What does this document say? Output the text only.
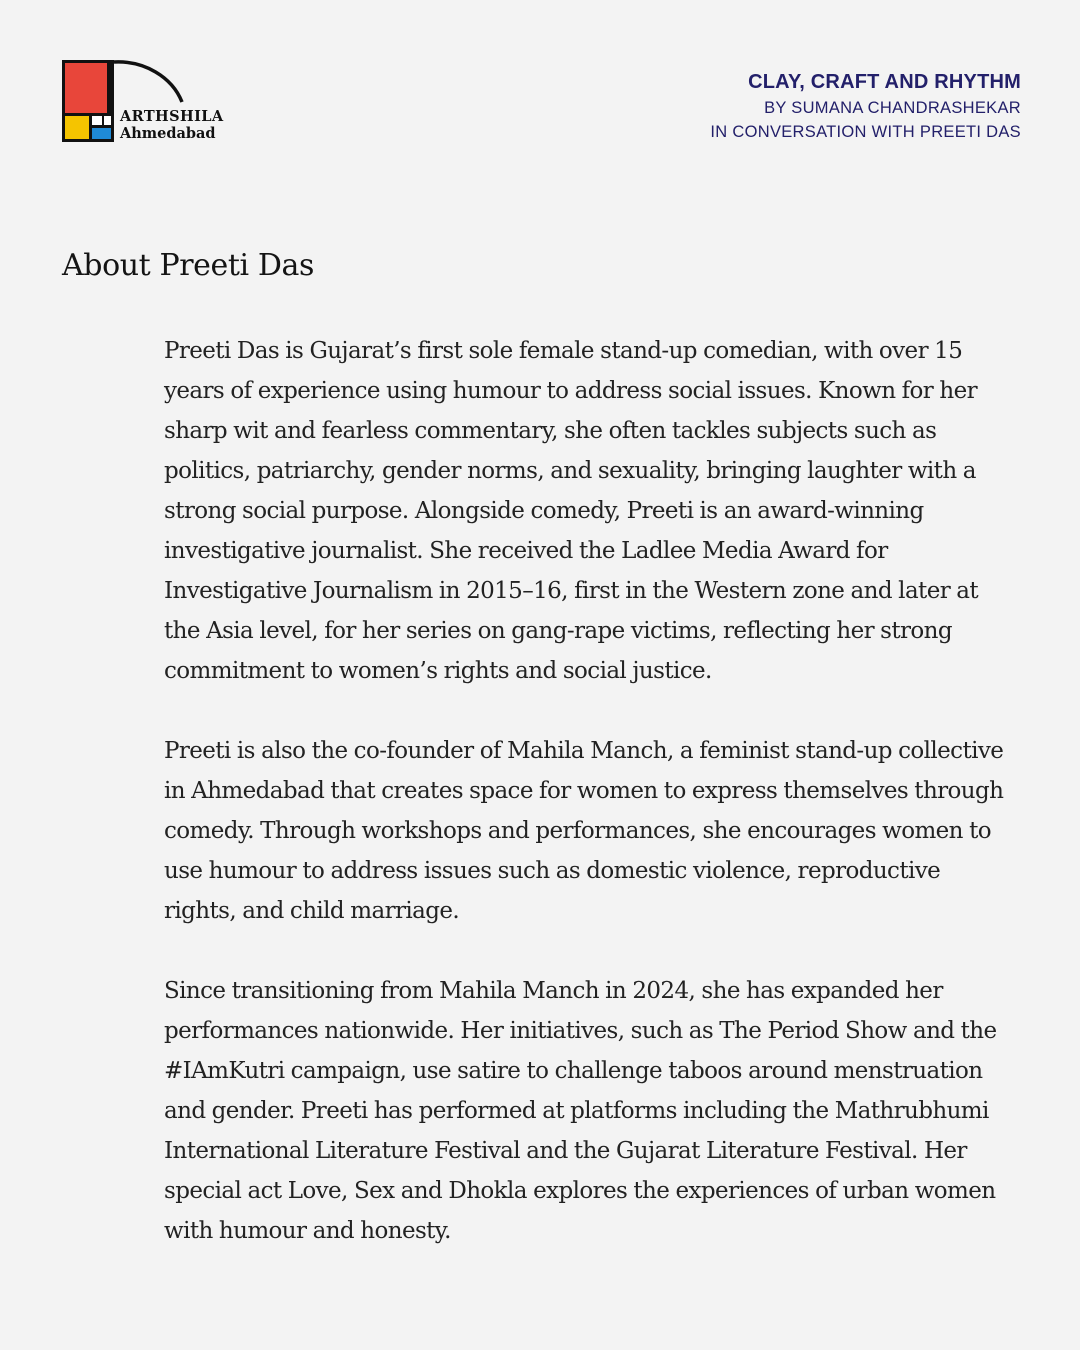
ARTHSHILA
Ahmedabad
CLAY, CRAFT AND RHYTHM
BY SUMANA CHANDRASHEKAR
IN CONVERSATION WITH PREETI DAS
About Preeti Das

Preeti Das is Gujarat’s first sole female stand-up comedian, with over 15 years of experience using humour to address social issues. Known for her sharp wit and fearless commentary, she often tackles subjects such as politics, patriarchy, gender norms, and sexuality, bringing laughter with a strong social purpose. Alongside comedy, Preeti is an award-winning investigative journalist. She received the Ladlee Media Award for Investigative Journalism in 2015–16, first in the Western zone and later at the Asia level, for her series on gang-rape victims, reflecting her strong commitment to women’s rights and social justice.

Preeti is also the co-founder of Mahila Manch, a feminist stand-up collective in Ahmedabad that creates space for women to express themselves through comedy. Through workshops and performances, she encourages women to use humour to address issues such as domestic violence, reproductive rights, and child marriage.

Since transitioning from Mahila Manch in 2024, she has expanded her performances nationwide. Her initiatives, such as The Period Show and the #IAmKutri campaign, use satire to challenge taboos around menstruation and gender. Preeti has performed at platforms including the Mathrubhumi International Literature Festival and the Gujarat Literature Festival. Her special act Love, Sex and Dhokla explores the experiences of urban women with humour and honesty.
